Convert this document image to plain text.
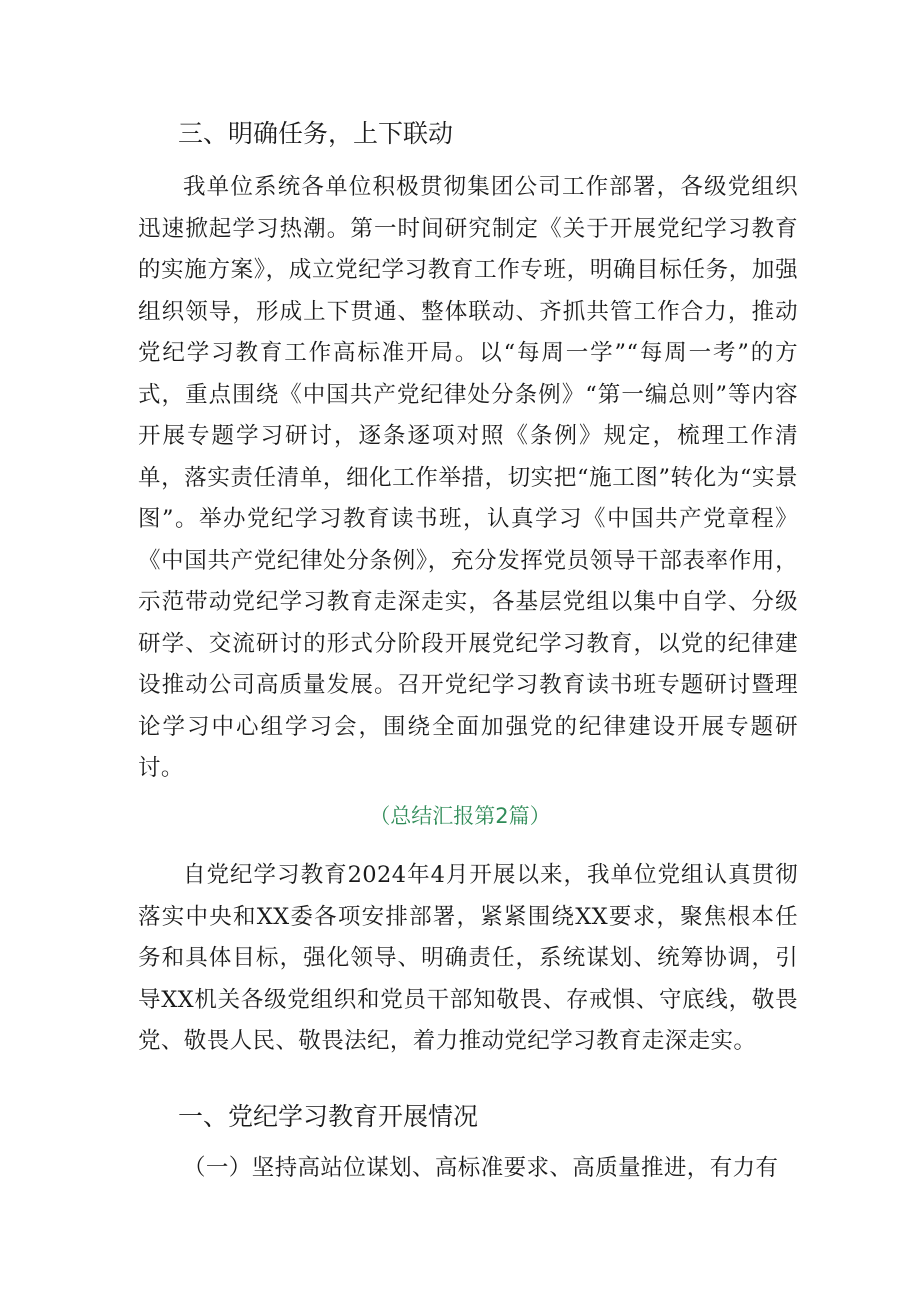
三、明确任务，上下联动

我单位系统各单位积极贯彻集团公司工作部署，各级党组织迅速掀起学习热潮。第一时间研究制定《关于开展党纪学习教育的实施方案》，成立党纪学习教育工作专班，明确目标任务，加强组织领导，形成上下贯通、整体联动、齐抓共管工作合力，推动党纪学习教育工作高标准开局。以“每周一学”“每周一考”的方式，重点围绕《中国共产党纪律处分条例》“第一编总则”等内容开展专题学习研讨，逐条逐项对照《条例》规定，梳理工作清单，落实责任清单，细化工作举措，切实把“施工图”转化为“实景图”。举办党纪学习教育读书班，认真学习《中国共产党章程》《中国共产党纪律处分条例》，充分发挥党员领导干部表率作用，示范带动党纪学习教育走深走实，各基层党组以集中自学、分级研学、交流研讨的形式分阶段开展党纪学习教育，以党的纪律建设推动公司高质量发展。召开党纪学习教育读书班专题研讨暨理论学习中心组学习会，围绕全面加强党的纪律建设开展专题研讨。

（总结汇报第2篇）

自党纪学习教育2024年4月开展以来，我单位党组认真贯彻落实中央和XX委各项安排部署，紧紧围绕XX要求，聚焦根本任务和具体目标，强化领导、明确责任，系统谋划、统筹协调，引导XX机关各级党组织和党员干部知敬畏、存戒惧、守底线，敬畏党、敬畏人民、敬畏法纪，着力推动党纪学习教育走深走实。

一、党纪学习教育开展情况

（一）坚持高站位谋划、高标准要求、高质量推进，有力有
